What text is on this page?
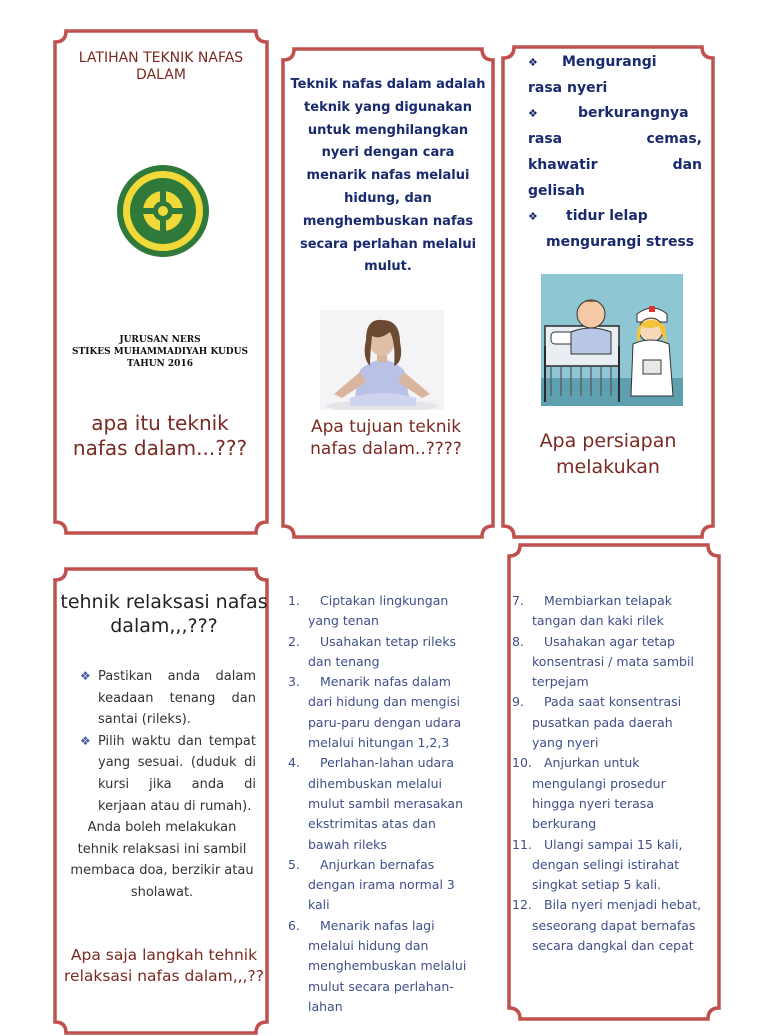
LATIHAN TEKNIK NAFAS DALAM
JURUSAN NERS
STIKES MUHAMMADIYAH KUDUS
TAHUN 2016
apa itu teknik nafas dalam...???
Teknik nafas dalam adalah teknik yang digunakan untuk menghilangkan nyeri dengan cara menarik nafas melalui hidung, dan menghembuskan nafas secara perlahan melalui mulut.
Apa tujuan teknik nafas dalam..????
❖	Mengurangi
rasa nyeri
❖	berkurangnya
rasa cemas,
khawatir dan
gelisah
❖	tidur lelap
mengurangi stress
Apa persiapan melakukan
tehnik relaksasi nafas dalam,,,???
❖ Pastikan anda dalam keadaan tenang dan santai (rileks).
❖ Pilih waktu dan tempat yang sesuai. (duduk di kursi jika anda di kerjaan atau di rumah).
Anda boleh melakukan tehnik relaksasi ini sambil membaca doa, berzikir atau sholawat.
Apa saja langkah tehnik relaksasi nafas dalam,,,??
1.	Ciptakan lingkungan yang tenan
2.	Usahakan tetap rileks dan tenang
3.	Menarik nafas dalam dari hidung dan mengisi paru-paru dengan udara melalui hitungan 1,2,3
4.	Perlahan-lahan udara dihembuskan melalui mulut sambil merasakan ekstrimitas atas dan bawah rileks
5.	Anjurkan bernafas dengan irama normal 3 kali
6.	Menarik nafas lagi melalui hidung dan menghembuskan melalui mulut secara perlahan-lahan
7.	Membiarkan telapak tangan dan kaki rilek
8.	Usahakan agar tetap konsentrasi / mata sambil terpejam
9.	Pada saat konsentrasi pusatkan pada daerah yang nyeri
10. Anjurkan untuk mengulangi prosedur hingga nyeri terasa berkurang
11. Ulangi sampai 15 kali, dengan selingi istirahat singkat setiap 5 kali.
12. Bila nyeri menjadi hebat, seseorang dapat bernafas secara dangkal dan cepat
